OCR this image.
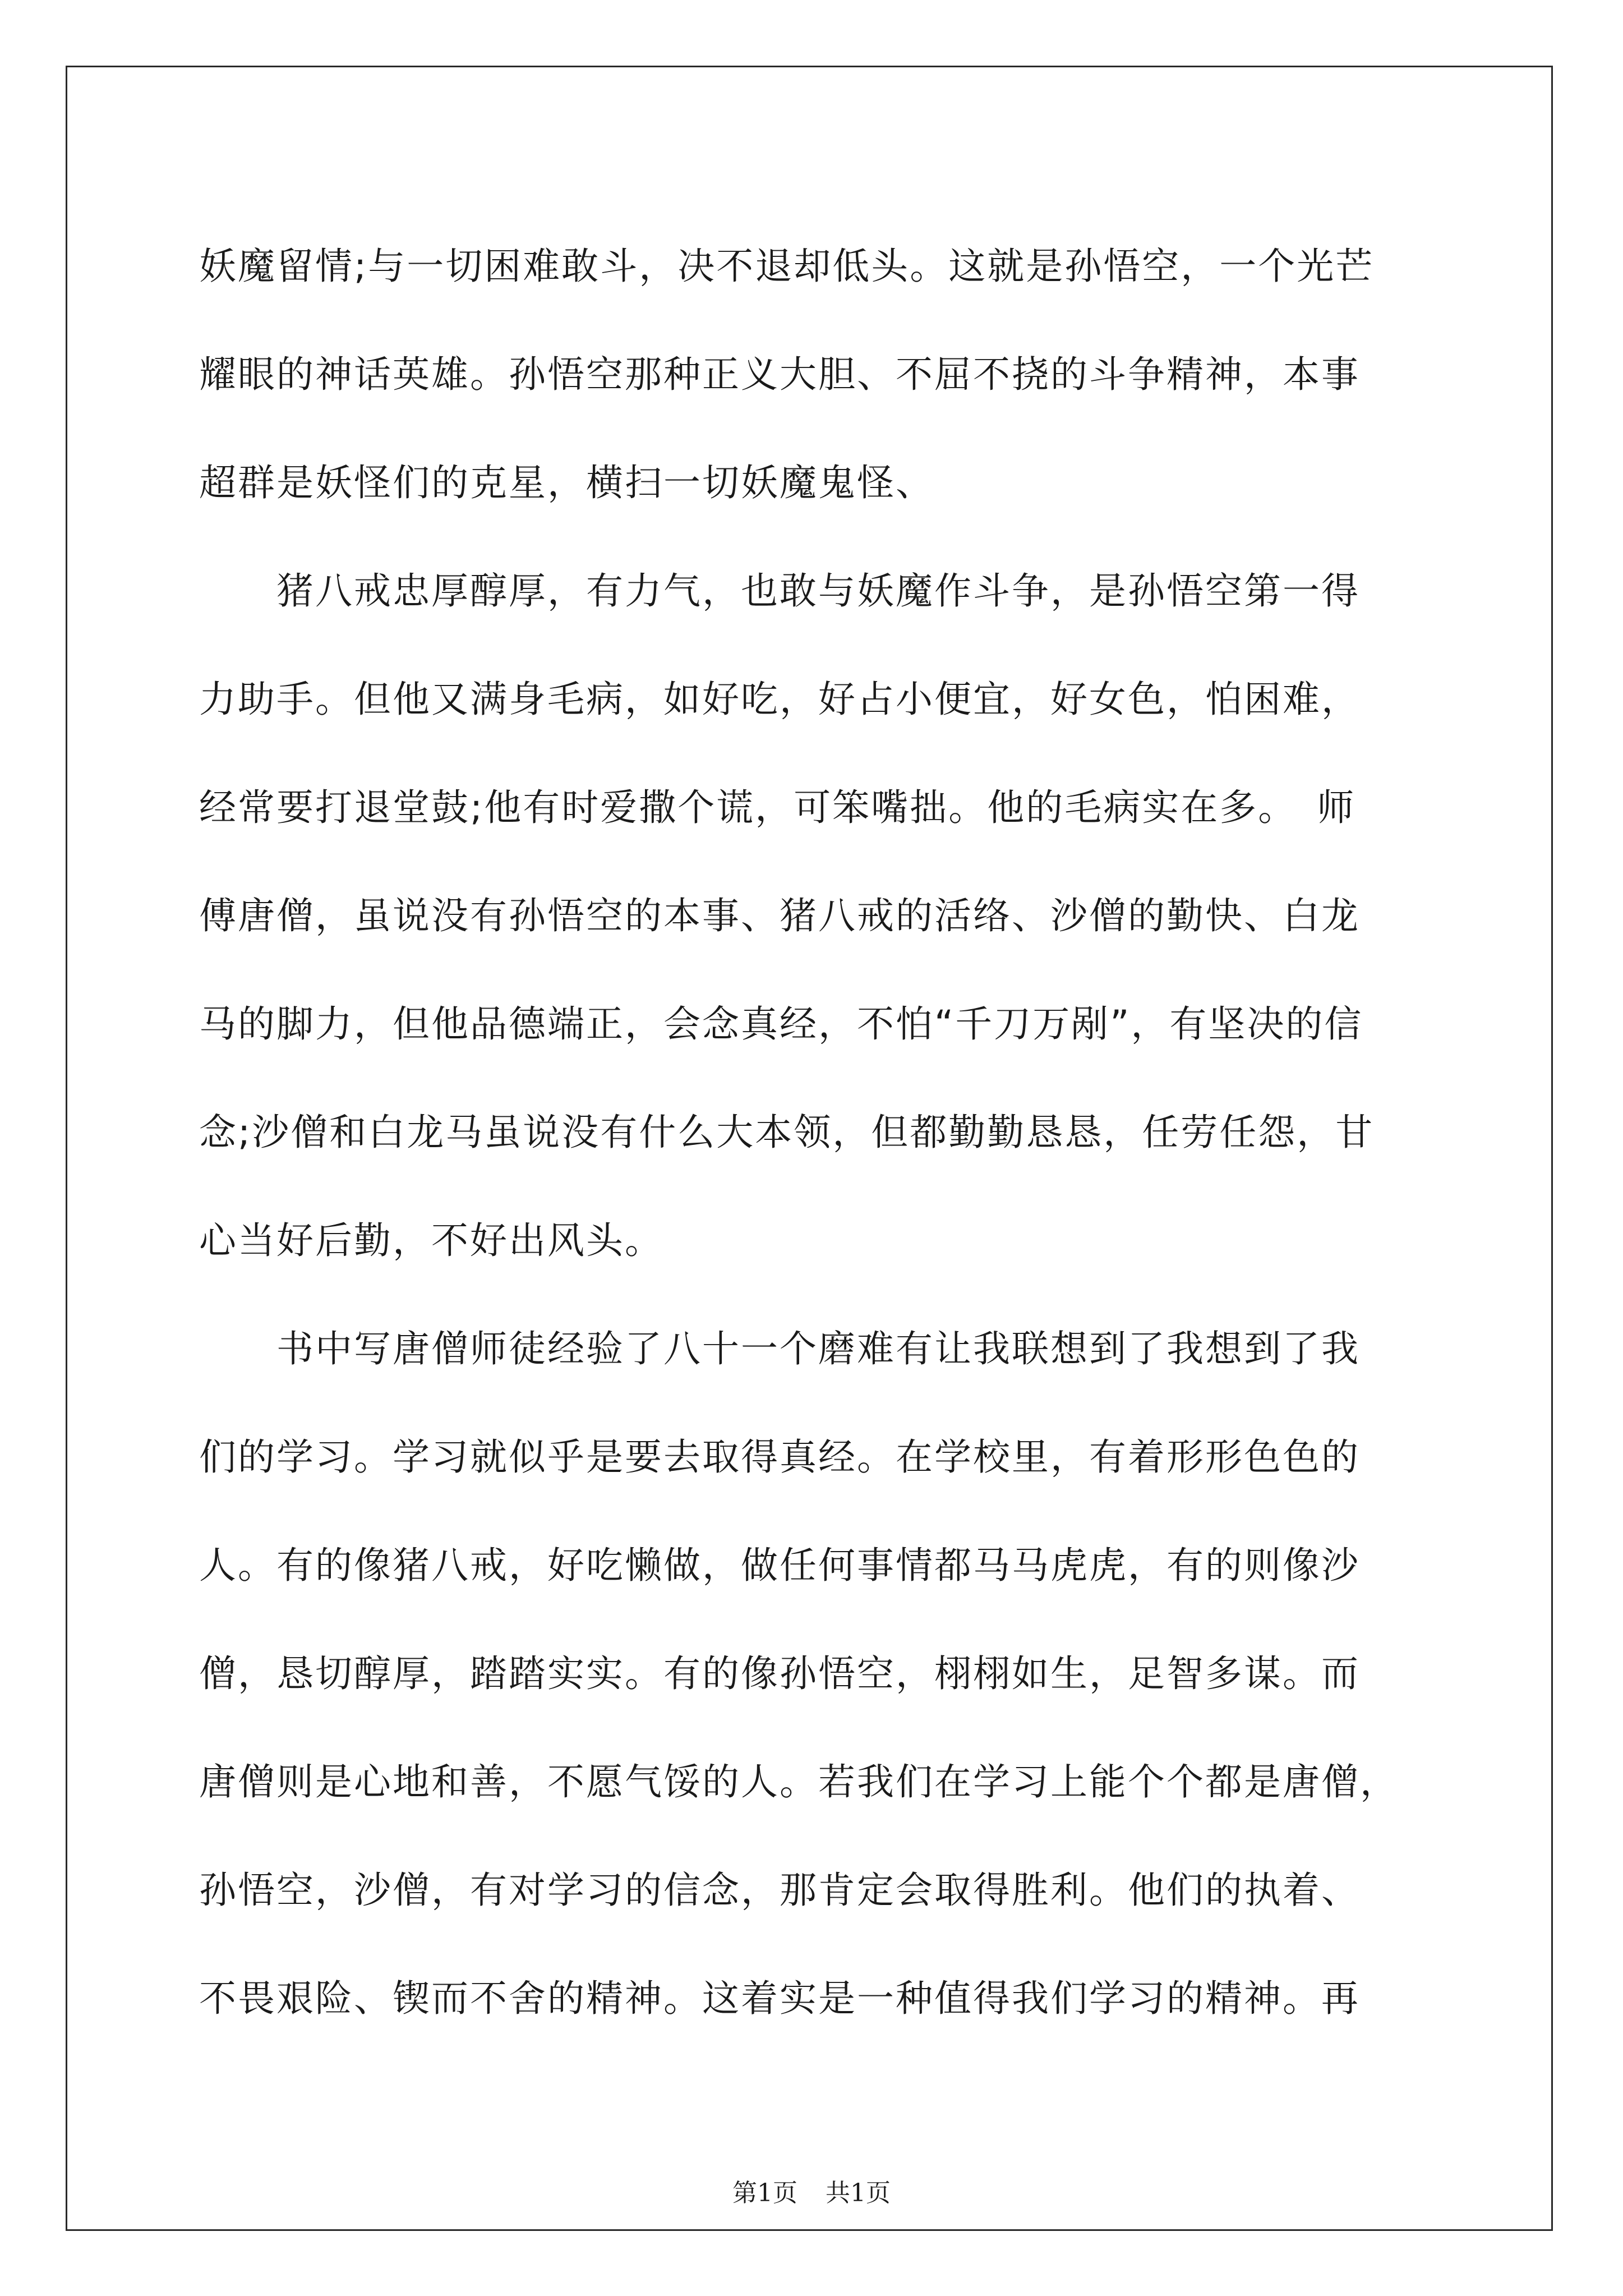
妖魔留情;与一切困难敢斗，决不退却低头。这就是孙悟空，一个光芒
耀眼的神话英雄。孙悟空那种正义大胆、不屈不挠的斗争精神，本事
超群是妖怪们的克星，横扫一切妖魔鬼怪、
　　猪八戒忠厚醇厚，有力气，也敢与妖魔作斗争，是孙悟空第一得
力助手。但他又满身毛病，如好吃，好占小便宜，好女色，怕困难，
经常要打退堂鼓;他有时爱撒个谎，可笨嘴拙。他的毛病实在多。　师
傅唐僧，虽说没有孙悟空的本事、猪八戒的活络、沙僧的勤快、白龙
马的脚力，但他品德端正，会念真经，不怕“千刀万剐”，有坚决的信
念;沙僧和白龙马虽说没有什么大本领，但都勤勤恳恳，任劳任怨，甘
心当好后勤，不好出风头。
　　书中写唐僧师徒经验了八十一个磨难有让我联想到了我想到了我
们的学习。学习就似乎是要去取得真经。在学校里，有着形形色色的
人。有的像猪八戒，好吃懒做，做任何事情都马马虎虎，有的则像沙
僧，恳切醇厚，踏踏实实。有的像孙悟空，栩栩如生，足智多谋。而
唐僧则是心地和善，不愿气馁的人。若我们在学习上能个个都是唐僧，
孙悟空，沙僧，有对学习的信念，那肯定会取得胜利。他们的执着、
不畏艰险、锲而不舍的精神。这着实是一种值得我们学习的精神。再
第1页 共1页
